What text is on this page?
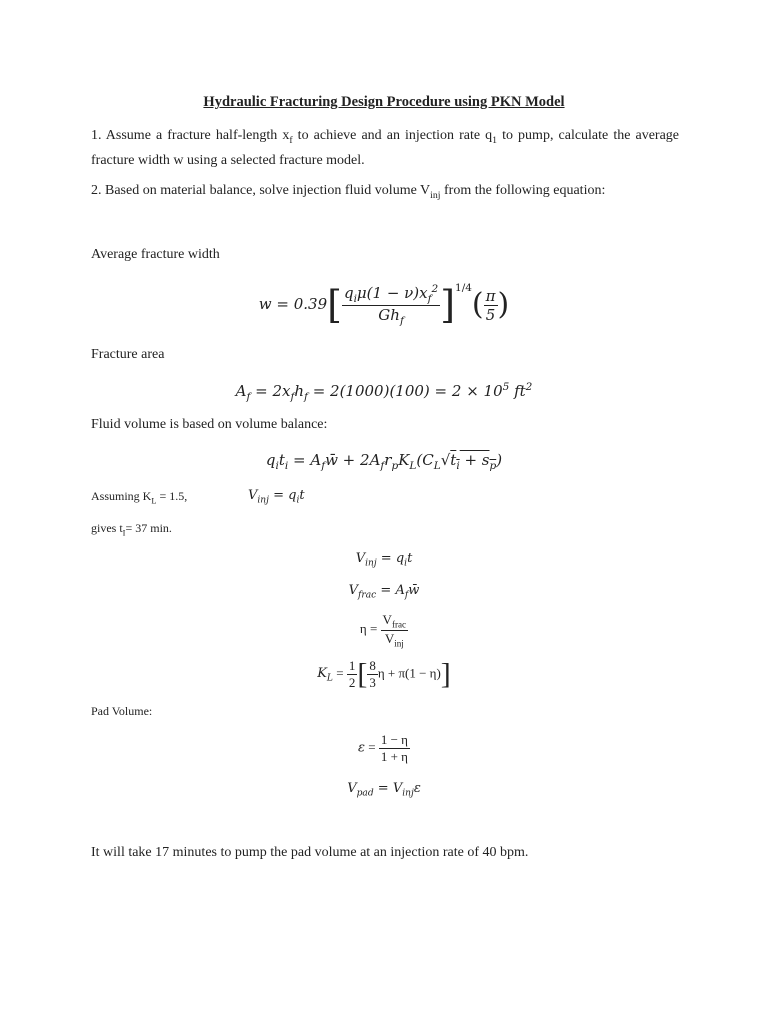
Hydraulic Fracturing Design Procedure using PKN Model
1. Assume a fracture half-length $x_f$ to achieve and an injection rate $q_1$ to pump, calculate the average fracture width w using a selected fracture model.
2. Based on material balance, solve injection fluid volume $V_{inj}$ from the following equation:
Average fracture width
$w = 0.39[ \frac{q_i\mu(1 - \nu)x_f^2}{Gh_f} ]^{1/4}( \frac{\pi}{5}$ )
Fracture area
$A_f = 2x_fh_f = 2(1000)(100) = 2 \times 10^5$ $ft^2$
Fluid volume is based on volume balance:
$q_it_i$ = $A_fw̄ + 2A_fr_pK_L(C_L√t_i + s_p)$
Assuming $K_L = 1.5$,	$V_{inj} = q_it$
gives $t_I= 37$ min.
$V_{inj} = q_it$
$V_{frac}$ = $A_fw̄$
$\eta = \frac{V_{frac}}{V_{inj}}$
$K_L = \frac{1}{2}$ [ $\frac{8}{3}$ η + π(1 − η)]
Pad Volume:
$\varepsilon = \frac{1 - \eta}{1 + \eta}$
$V_{pad} = V_{inj}\varepsilon$
It will take 17 minutes to pump the pad volume at an injection rate of 40 bpm.
